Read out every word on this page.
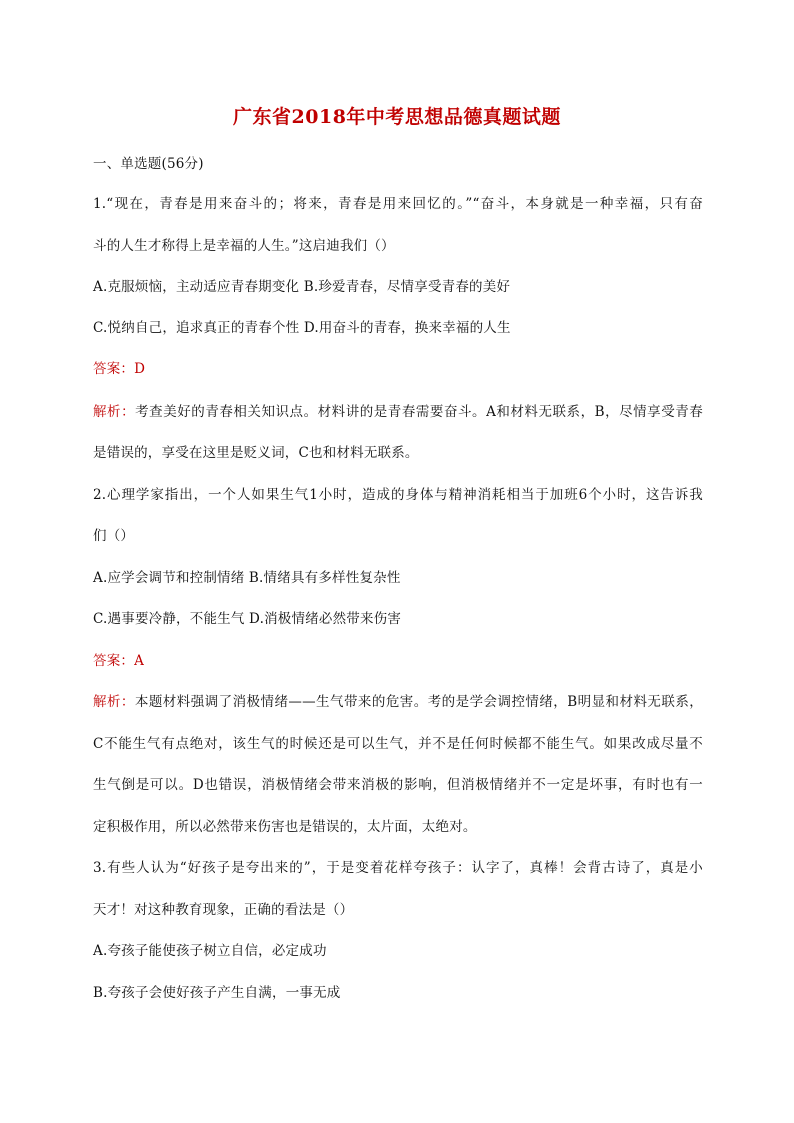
广东省2018年中考思想品德真题试题
一、单选题(56分)
1.“现在，青春是用来奋斗的；将来，青春是用来回忆的。”“奋斗，本身就是一种幸福，只有奋
斗的人生才称得上是幸福的人生。”这启迪我们（）
A.克服烦恼，主动适应青春期变化 B.珍爱青春，尽情享受青春的美好
C.悦纳自己，追求真正的青春个性 D.用奋斗的青春，换来幸福的人生
答案：D
解析：考查美好的青春相关知识点。材料讲的是青春需要奋斗。A和材料无联系，B，尽情享受青春
是错误的，享受在这里是贬义词，C也和材料无联系。
2.心理学家指出，一个人如果生气1小时，造成的身体与精神消耗相当于加班6个小时，这告诉我
们（）
A.应学会调节和控制情绪 B.情绪具有多样性复杂性
C.遇事要冷静，不能生气 D.消极情绪必然带来伤害
答案：A
解析：本题材料强调了消极情绪——生气带来的危害。考的是学会调控情绪，B明显和材料无联系，
C不能生气有点绝对，该生气的时候还是可以生气，并不是任何时候都不能生气。如果改成尽量不
生气倒是可以。D也错误，消极情绪会带来消极的影响，但消极情绪并不一定是坏事，有时也有一
定积极作用，所以必然带来伤害也是错误的，太片面，太绝对。
3.有些人认为“好孩子是夸出来的”，于是变着花样夸孩子：认字了，真棒！会背古诗了，真是小
天才！对这种教育现象，正确的看法是（）
A.夸孩子能使孩子树立自信，必定成功
B.夸孩子会使好孩子产生自满，一事无成
